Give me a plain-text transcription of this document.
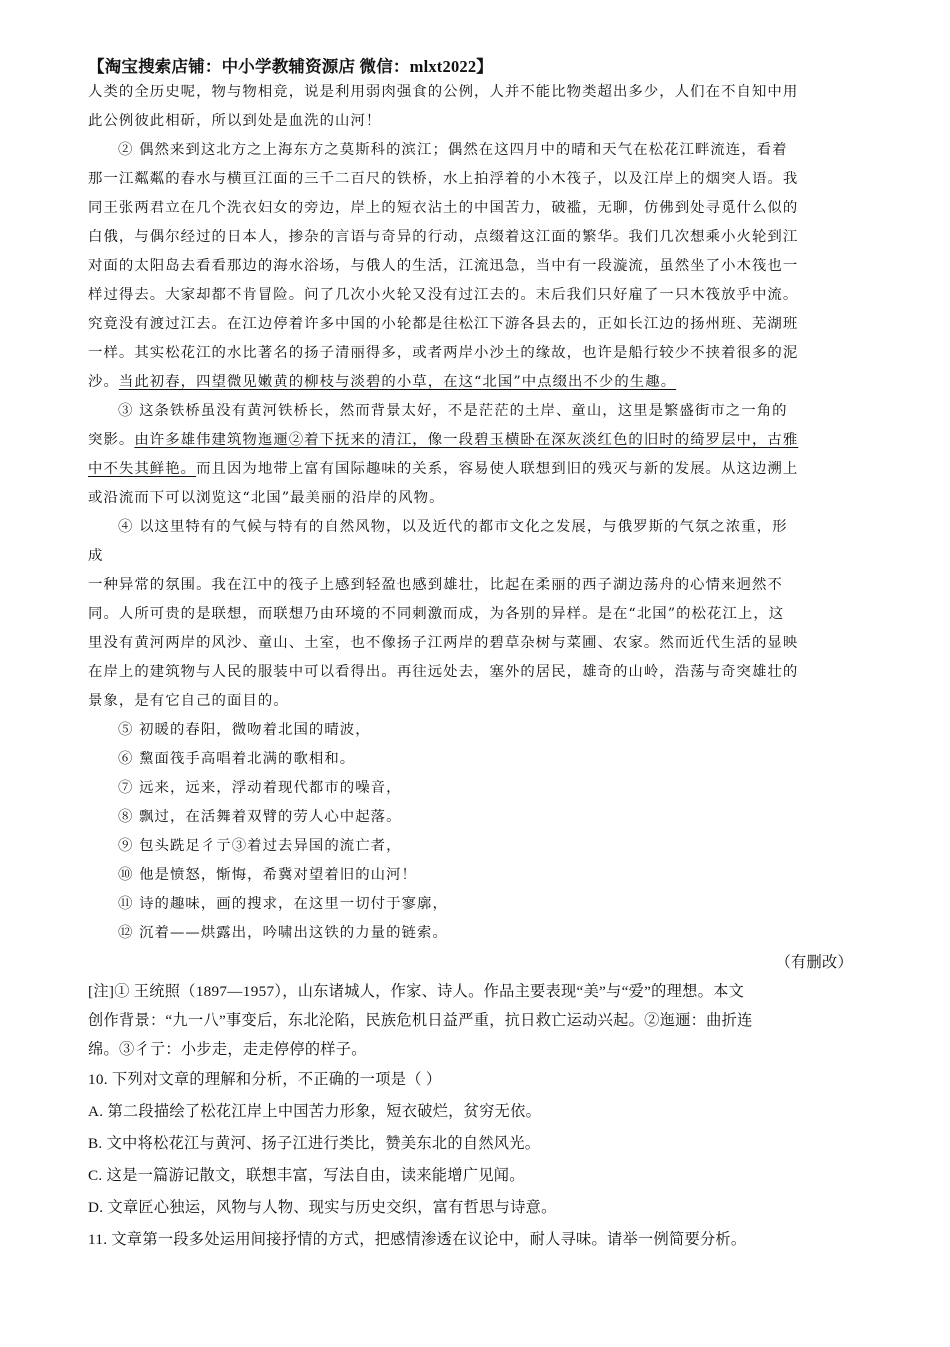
【淘宝搜索店铺：中小学教辅资源店 微信：mlxt2022】
人类的全历史呢，物与物相竞，说是利用弱肉强食的公例，人并不能比物类超出多少，人们在不自知中用
此公例彼此相斫，所以到处是血洗的山河！
② 偶然来到这北方之上海东方之莫斯科的滨江；偶然在这四月中的晴和天气在松花江畔流连，看着
那一江粼粼的春水与横亘江面的三千二百尺的铁桥，水上拍浮着的小木筏子，以及江岸上的烟突人语。我
同王张两君立在几个洗衣妇女的旁边，岸上的短衣沾土的中国苦力，破褴，无聊，仿佛到处寻觅什么似的
白俄，与偶尔经过的日本人，掺杂的言语与奇异的行动，点缀着这江面的繁华。我们几次想乘小火轮到江
对面的太阳岛去看看那边的海水浴场，与俄人的生活，江流迅急，当中有一段漩流，虽然坐了小木筏也一
样过得去。大家却都不肯冒险。问了几次小火轮又没有过江去的。末后我们只好雇了一只木筏放乎中流。
究竟没有渡过江去。在江边停着许多中国的小轮都是往松江下游各县去的，正如长江边的扬州班、芜湖班
一样。其实松花江的水比著名的扬子清丽得多，或者两岸小沙土的缘故，也许是船行较少不挟着很多的泥
沙。当此初春，四望微见嫩黄的柳枝与淡碧的小草，在这“北国”中点缀出不少的生趣。
③ 这条铁桥虽没有黄河铁桥长，然而背景太好，不是茫茫的土岸、童山，这里是繁盛街市之一角的
突影。由许多雄伟建筑物迤逦②着下抚来的清江，像一段碧玉横卧在深灰淡红色的旧时的绮罗层中，古雅
中不失其鲜艳。而且因为地带上富有国际趣味的关系，容易使人联想到旧的残灭与新的发展。从这边溯上
或沿流而下可以浏览这“北国”最美丽的沿岸的风物。
④ 以这里特有的气候与特有的自然风物，以及近代的都市文化之发展，与俄罗斯的气氛之浓重，形
成
一种异常的氛围。我在江中的筏子上感到轻盈也感到雄壮，比起在柔丽的西子湖边荡舟的心情来迥然不
同。人所可贵的是联想，而联想乃由环境的不同刺激而成，为各别的异样。是在“北国”的松花江上，这
里没有黄河两岸的风沙、童山、土室，也不像扬子江两岸的碧草杂树与菜圃、农家。然而近代生活的显映
在岸上的建筑物与人民的服装中可以看得出。再往远处去，塞外的居民，雄奇的山岭，浩荡与奇突雄壮的
景象，是有它自己的面目的。
⑤ 初暖的春阳，微吻着北国的晴波，
⑥ 黧面筏手高唱着北满的歌相和。
⑦ 远来，远来，浮动着现代都市的噪音，
⑧ 飘过，在活舞着双臂的劳人心中起落。
⑨ 包头跣足彳亍③着过去异国的流亡者，
⑩ 他是愤怒，惭悔，希冀对望着旧的山河！
⑪ 诗的趣味，画的搜求，在这里一切付于寥廓，
⑫ 沉着——烘露出，吟啸出这铁的力量的链索。
（有删改）
[注]① 王统照（1897—1957），山东诸城人，作家、诗人。作品主要表现“美”与“爱”的理想。本文
创作背景：“九一八”事变后，东北沦陷，民族危机日益严重，抗日救亡运动兴起。②迤逦：曲折连
绵。③彳亍：小步走，走走停停的样子。
10. 下列对文章的理解和分析，不正确的一项是（ ）
A. 第二段描绘了松花江岸上中国苦力形象，短衣破烂，贫穷无依。
B. 文中将松花江与黄河、扬子江进行类比，赞美东北的自然风光。
C. 这是一篇游记散文，联想丰富，写法自由，读来能增广见闻。
D. 文章匠心独运，风物与人物、现实与历史交织，富有哲思与诗意。
11. 文章第一段多处运用间接抒情的方式，把感情渗透在议论中，耐人寻味。请举一例简要分析。
